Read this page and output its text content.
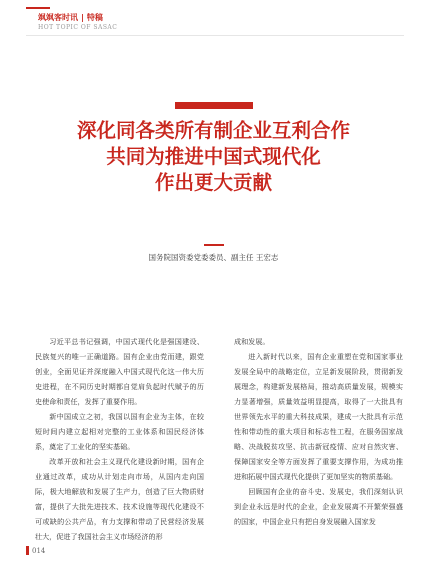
飒飒客时讯 | 特稿
HOT TOPIC OF SASAC
深化同各类所有制企业互利合作
共同为推进中国式现代化
作出更大贡献
国务院国资委党委委员、副主任 王宏志

习近平总书记强调，中国式现代化是强国建设、民族复兴的唯一正确道路。国有企业由党而建，跟党创业，全面见证并深度融入中国式现代化这一伟大历史进程，在不同历史时期都自觉肩负起时代赋予的历史使命和责任，发挥了重要作用。

新中国成立之初，我国以国有企业为主体，在较短时间内建立起相对完整的工业体系和国民经济体系，奠定了工业化的坚实基础。

改革开放和社会主义现代化建设新时期，国有企业通过改革，成功从计划走向市场，从国内走向国际，极大地解放和发展了生产力，创造了巨大物质财富，提供了大批先进技术、技术设施等现代化建设不可或缺的公共产品，有力支撑和带动了民营经济发展壮大，促进了我国社会主义市场经济的形

成和发展。

进入新时代以来，国有企业重塑在党和国家事业发展全局中的战略定位，立足新发展阶段，贯彻新发展理念，构建新发展格局，推动高质量发展，规模实力显著增强，质量效益明显提高，取得了一大批具有世界领先水平的重大科技成果，建成一大批具有示范性和带动性的重大项目和标志性工程，在服务国家战略、决战脱贫攻坚、抗击新冠疫情、应对自然灾害、保障国家安全等方面发挥了重要支撑作用，为成功推进和拓展中国式现代化提供了更加坚实的物质基础。

回顾国有企业的奋斗史、发展史，我们深刻认识到企业永远是时代的企业，企业发展离不开繁荣强盛的国家，中国企业只有把自身发展融入国家发

014
